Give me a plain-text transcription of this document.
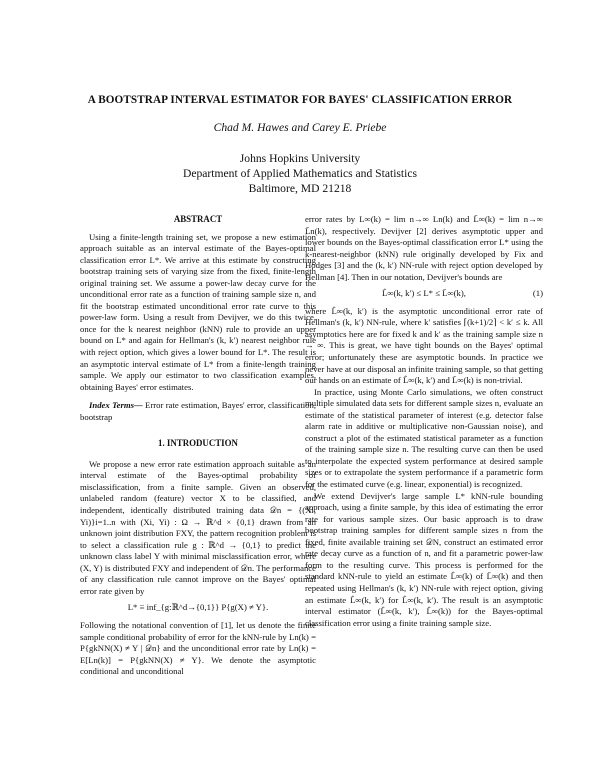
A BOOTSTRAP INTERVAL ESTIMATOR FOR BAYES' CLASSIFICATION ERROR
Chad M. Hawes and Carey E. Priebe
Johns Hopkins University
Department of Applied Mathematics and Statistics
Baltimore, MD 21218
ABSTRACT

Using a finite-length training set, we propose a new estimation approach suitable as an interval estimate of the Bayes-optimal classification error L*. We arrive at this estimate by constructing bootstrap training sets of varying size from the fixed, finite-length original training set. We assume a power-law decay curve for the unconditional error rate as a function of training sample size n, and fit the bootstrap estimated unconditional error rate curve to this power-law form. Using a result from Devijver, we do this twice, once for the k nearest neighbor (kNN) rule to provide an upper bound on L* and again for Hellman's (k, k′) nearest neighbor rule with reject option, which gives a lower bound for L*. The result is an asymptotic interval estimate of L* from a finite-length training sample. We apply our estimator to two classification examples, obtaining Bayes' error estimates.

Index Terms— Error rate estimation, Bayes' error, classification, bootstrap

1. INTRODUCTION

We propose a new error rate estimation approach suitable as an interval estimate of the Bayes-optimal probability of misclassification, from a finite sample. Given an observed, unlabeled random (feature) vector X to be classified, and independent, identically distributed training data 𝒟n = {(Xi, Yi)}i=1..n with (Xi, Yi) : Ω → ℝ^d × {0,1} drawn from an unknown joint distribution FXY, the pattern recognition problem is to select a classification rule g : ℝ^d → {0,1} to predict the unknown class label Y with minimal misclassification error, where (X, Y) is distributed FXY and independent of 𝒟n. The performance of any classification rule cannot improve on the Bayes' optimal error rate given by

L* ≡ inf_{g:ℝ^d→{0,1}} P{g(X) ≠ Y}.

Following the notational convention of [1], let us denote the finite sample conditional probability of error for the kNN-rule by Ln(k) = P{gkNN(X) ≠ Y | 𝒟n} and the unconditional error rate by Ln(k) = E[Ln(k)] = P{gkNN(X) ≠ Y}. We denote the asymptotic conditional and unconditional

error rates by L∞(k) = lim n→∞ Ln(k) and L̄∞(k) = lim n→∞ L̄n(k), respectively. Devijver [2] derives asymptotic upper and lower bounds on the Bayes-optimal classification error L* using the k-nearest-neighbor (kNN) rule originally developed by Fix and Hodges [3] and the (k, k′) NN-rule with reject option developed by Hellman [4]. Then in our notation, Devijver's bounds are

L̂∞(k, k′) ≤ L* ≤ L̄∞(k),	(1)

where L̂∞(k, k′) is the asymptotic unconditional error rate of Hellman's (k, k′) NN-rule, where k′ satisfies ⌈(k+1)/2⌉ < k′ ≤ k. All asymptotics here are for fixed k and k′ as the training sample size n → ∞. This is great, we have tight bounds on the Bayes' optimal error; unfortunately these are asymptotic bounds. In practice we never have at our disposal an infinite training sample, so that getting our hands on an estimate of L̂∞(k, k′) and L̄∞(k) is non-trivial.

In practice, using Monte Carlo simulations, we often construct multiple simulated data sets for different sample sizes n, evaluate an estimate of the statistical parameter of interest (e.g. detector false alarm rate in additive or multiplicative non-Gaussian noise), and construct a plot of the estimated statistical parameter as a function of the training sample size n. The resulting curve can then be used to interpolate the expected system performance at desired sample sizes or to extrapolate the system performance if a parametric form for the estimated curve (e.g. linear, exponential) is recognized.

We extend Devijver's large sample L* kNN-rule bounding approach, using a finite sample, by this idea of estimating the error rate for various sample sizes. Our basic approach is to draw bootstrap training samples for different sample sizes n from the fixed, finite available training set 𝒟N, construct an estimated error rate decay curve as a function of n, and fit a parametric power-law form to the resulting curve. This process is performed for the standard kNN-rule to yield an estimate L̂∞(k) of L̄∞(k) and then repeated using Hellman's (k, k′) NN-rule with reject option, giving an estimate L̂∞(k, k′) for L̂∞(k, k′). The result is an asymptotic interval estimator (L̂∞(k, k′), L̂∞(k)) for the Bayes-optimal classification error using a finite training sample size.
